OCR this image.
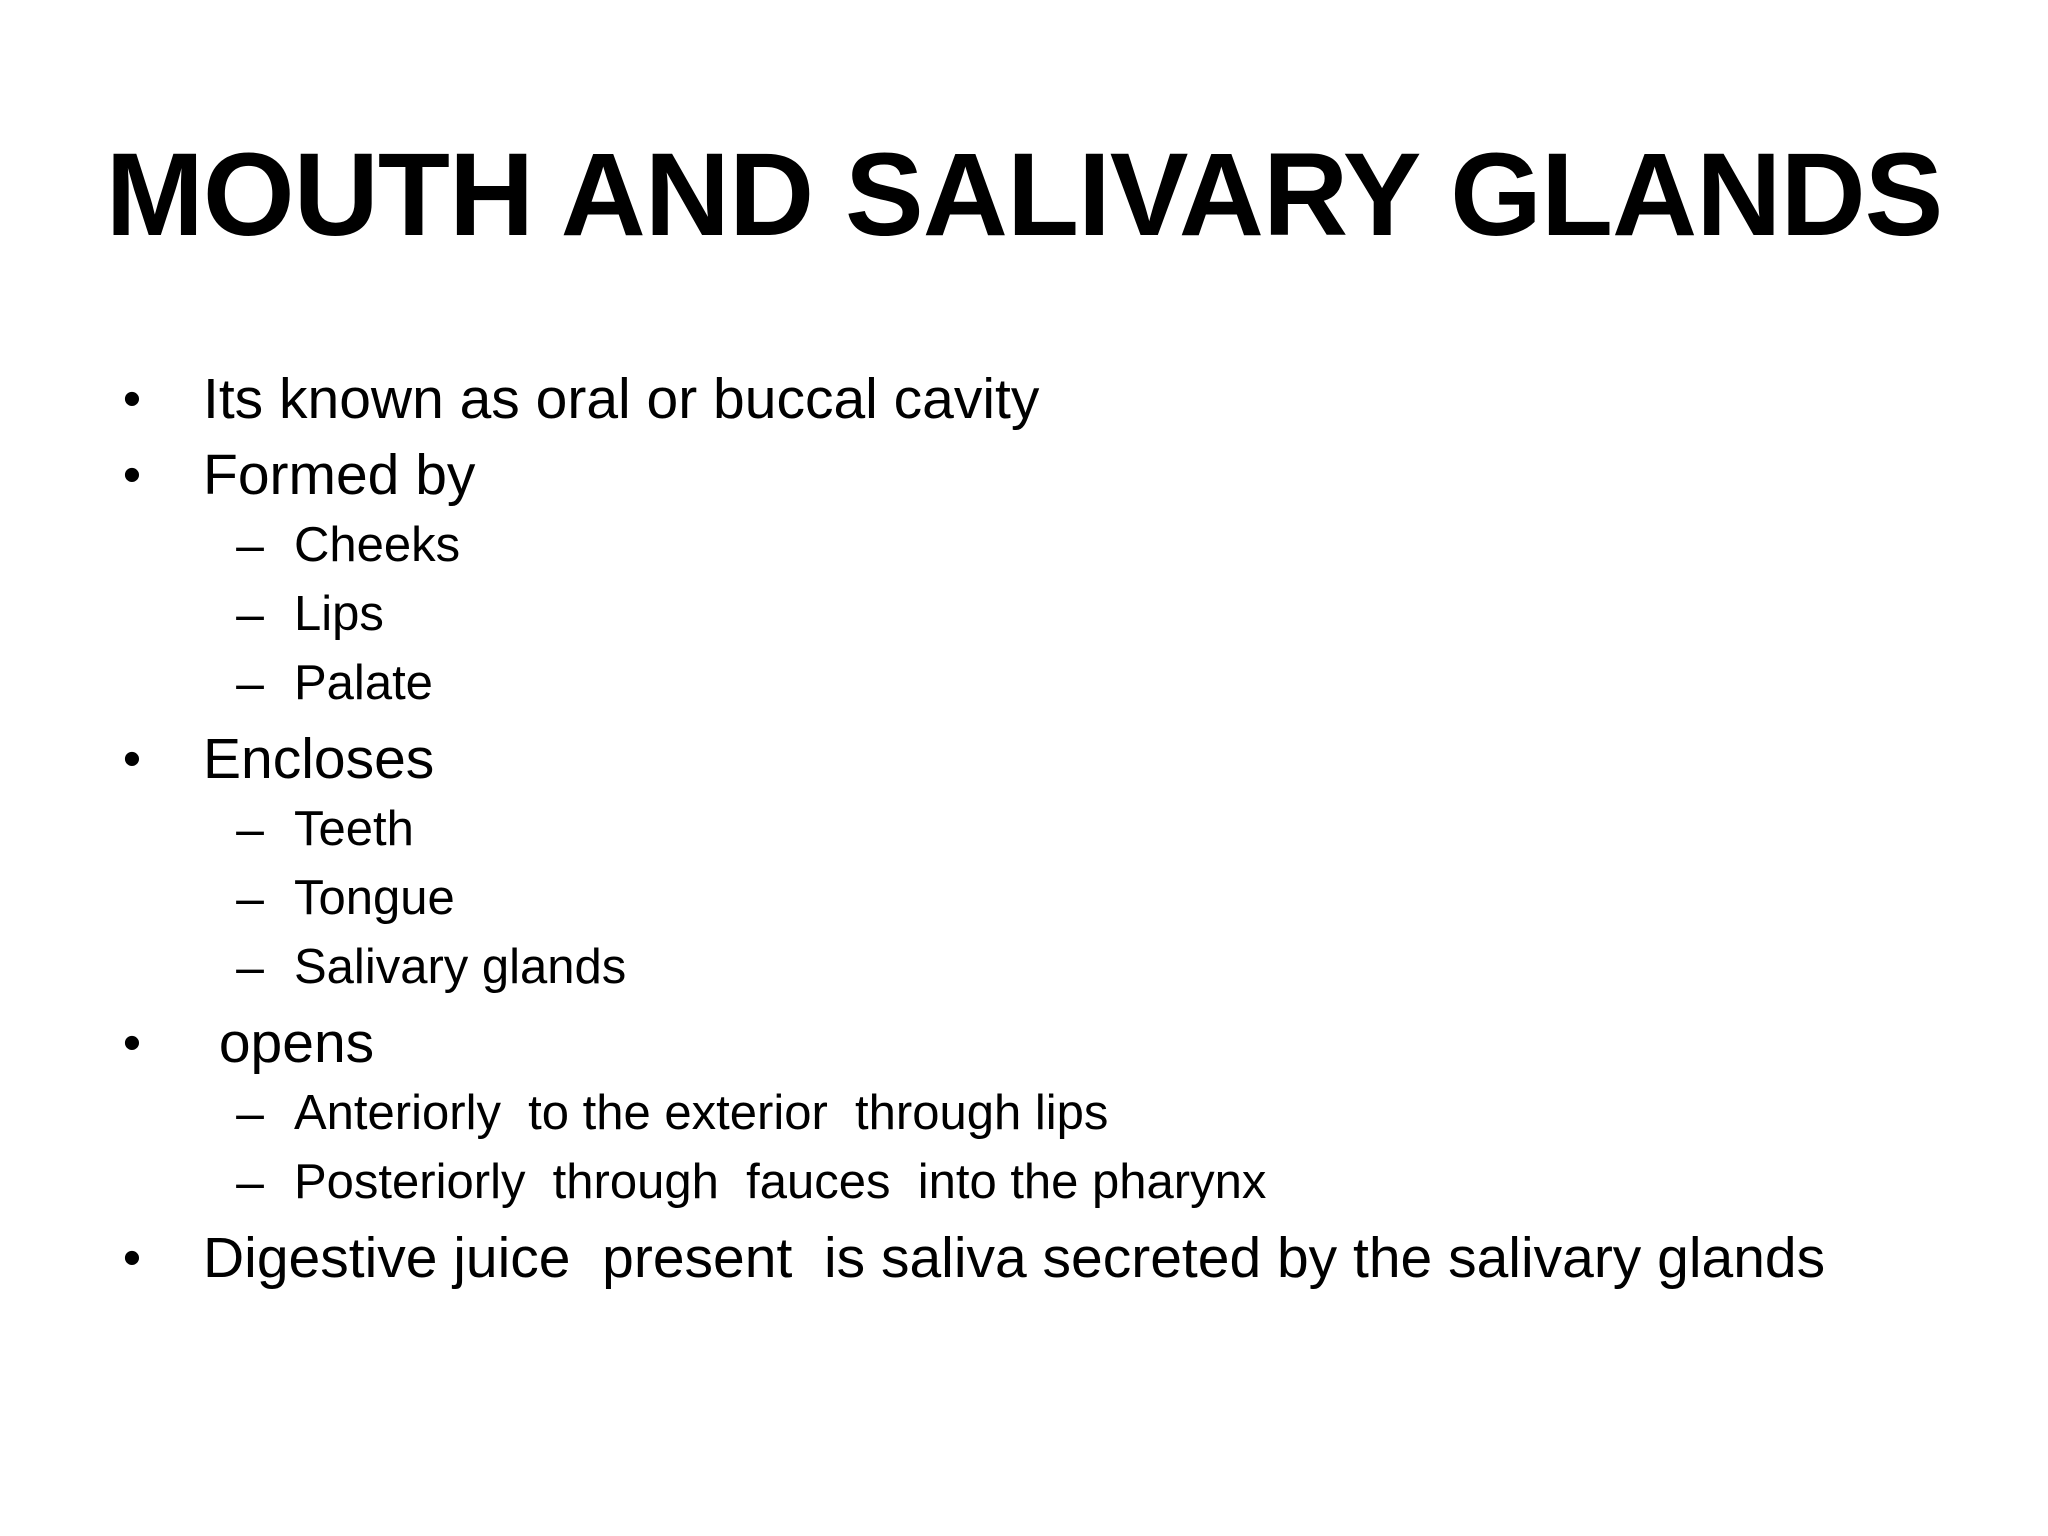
MOUTH AND SALIVARY GLANDS
• Its known as oral or buccal cavity
• Formed by
– Cheeks
– Lips
– Palate
• Encloses
– Teeth
– Tongue
– Salivary glands
• opens
– Anteriorly  to the exterior  through lips
– Posteriorly  through  fauces  into the pharynx
• Digestive juice  present  is saliva secreted by the salivary glands
